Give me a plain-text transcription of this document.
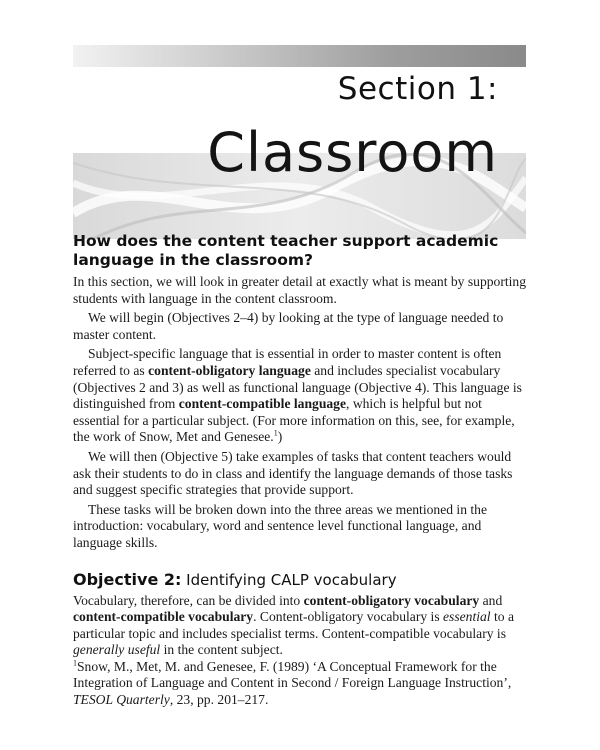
Section 1:
Classroom
How does the content teacher support academic language in the classroom?

In this section, we will look in greater detail at exactly what is meant by supporting students with language in the content classroom.

We will begin (Objectives 2–4) by looking at the type of language needed to master content.

Subject-specific language that is essential in order to master content is often referred to as content-obligatory language and includes specialist vocabulary (Objectives 2 and 3) as well as functional language (Objective 4). This language is distinguished from content-compatible language, which is helpful but not essential for a particular subject. (For more information on this, see, for example, the work of Snow, Met and Genesee.$^1$)

We will then (Objective 5) take examples of tasks that content teachers would ask their students to do in class and identify the language demands of those tasks and suggest specific strategies that provide support.

These tasks will be broken down into the three areas we mentioned in the introduction: vocabulary, word and sentence level functional language, and language skills.

Objective 2: Identifying CALP vocabulary

Vocabulary, therefore, can be divided into content-obligatory vocabulary and content-compatible vocabulary. Content-obligatory vocabulary is essential to a particular topic and includes specialist terms. Content-compatible vocabulary is generally useful in the content subject.

$^1$Snow, M., Met, M. and Genesee, F. (1989) ‘A Conceptual Framework for the Integration of Language and Content in Second / Foreign Language Instruction’, TESOL Quarterly, 23, pp. 201–217.
